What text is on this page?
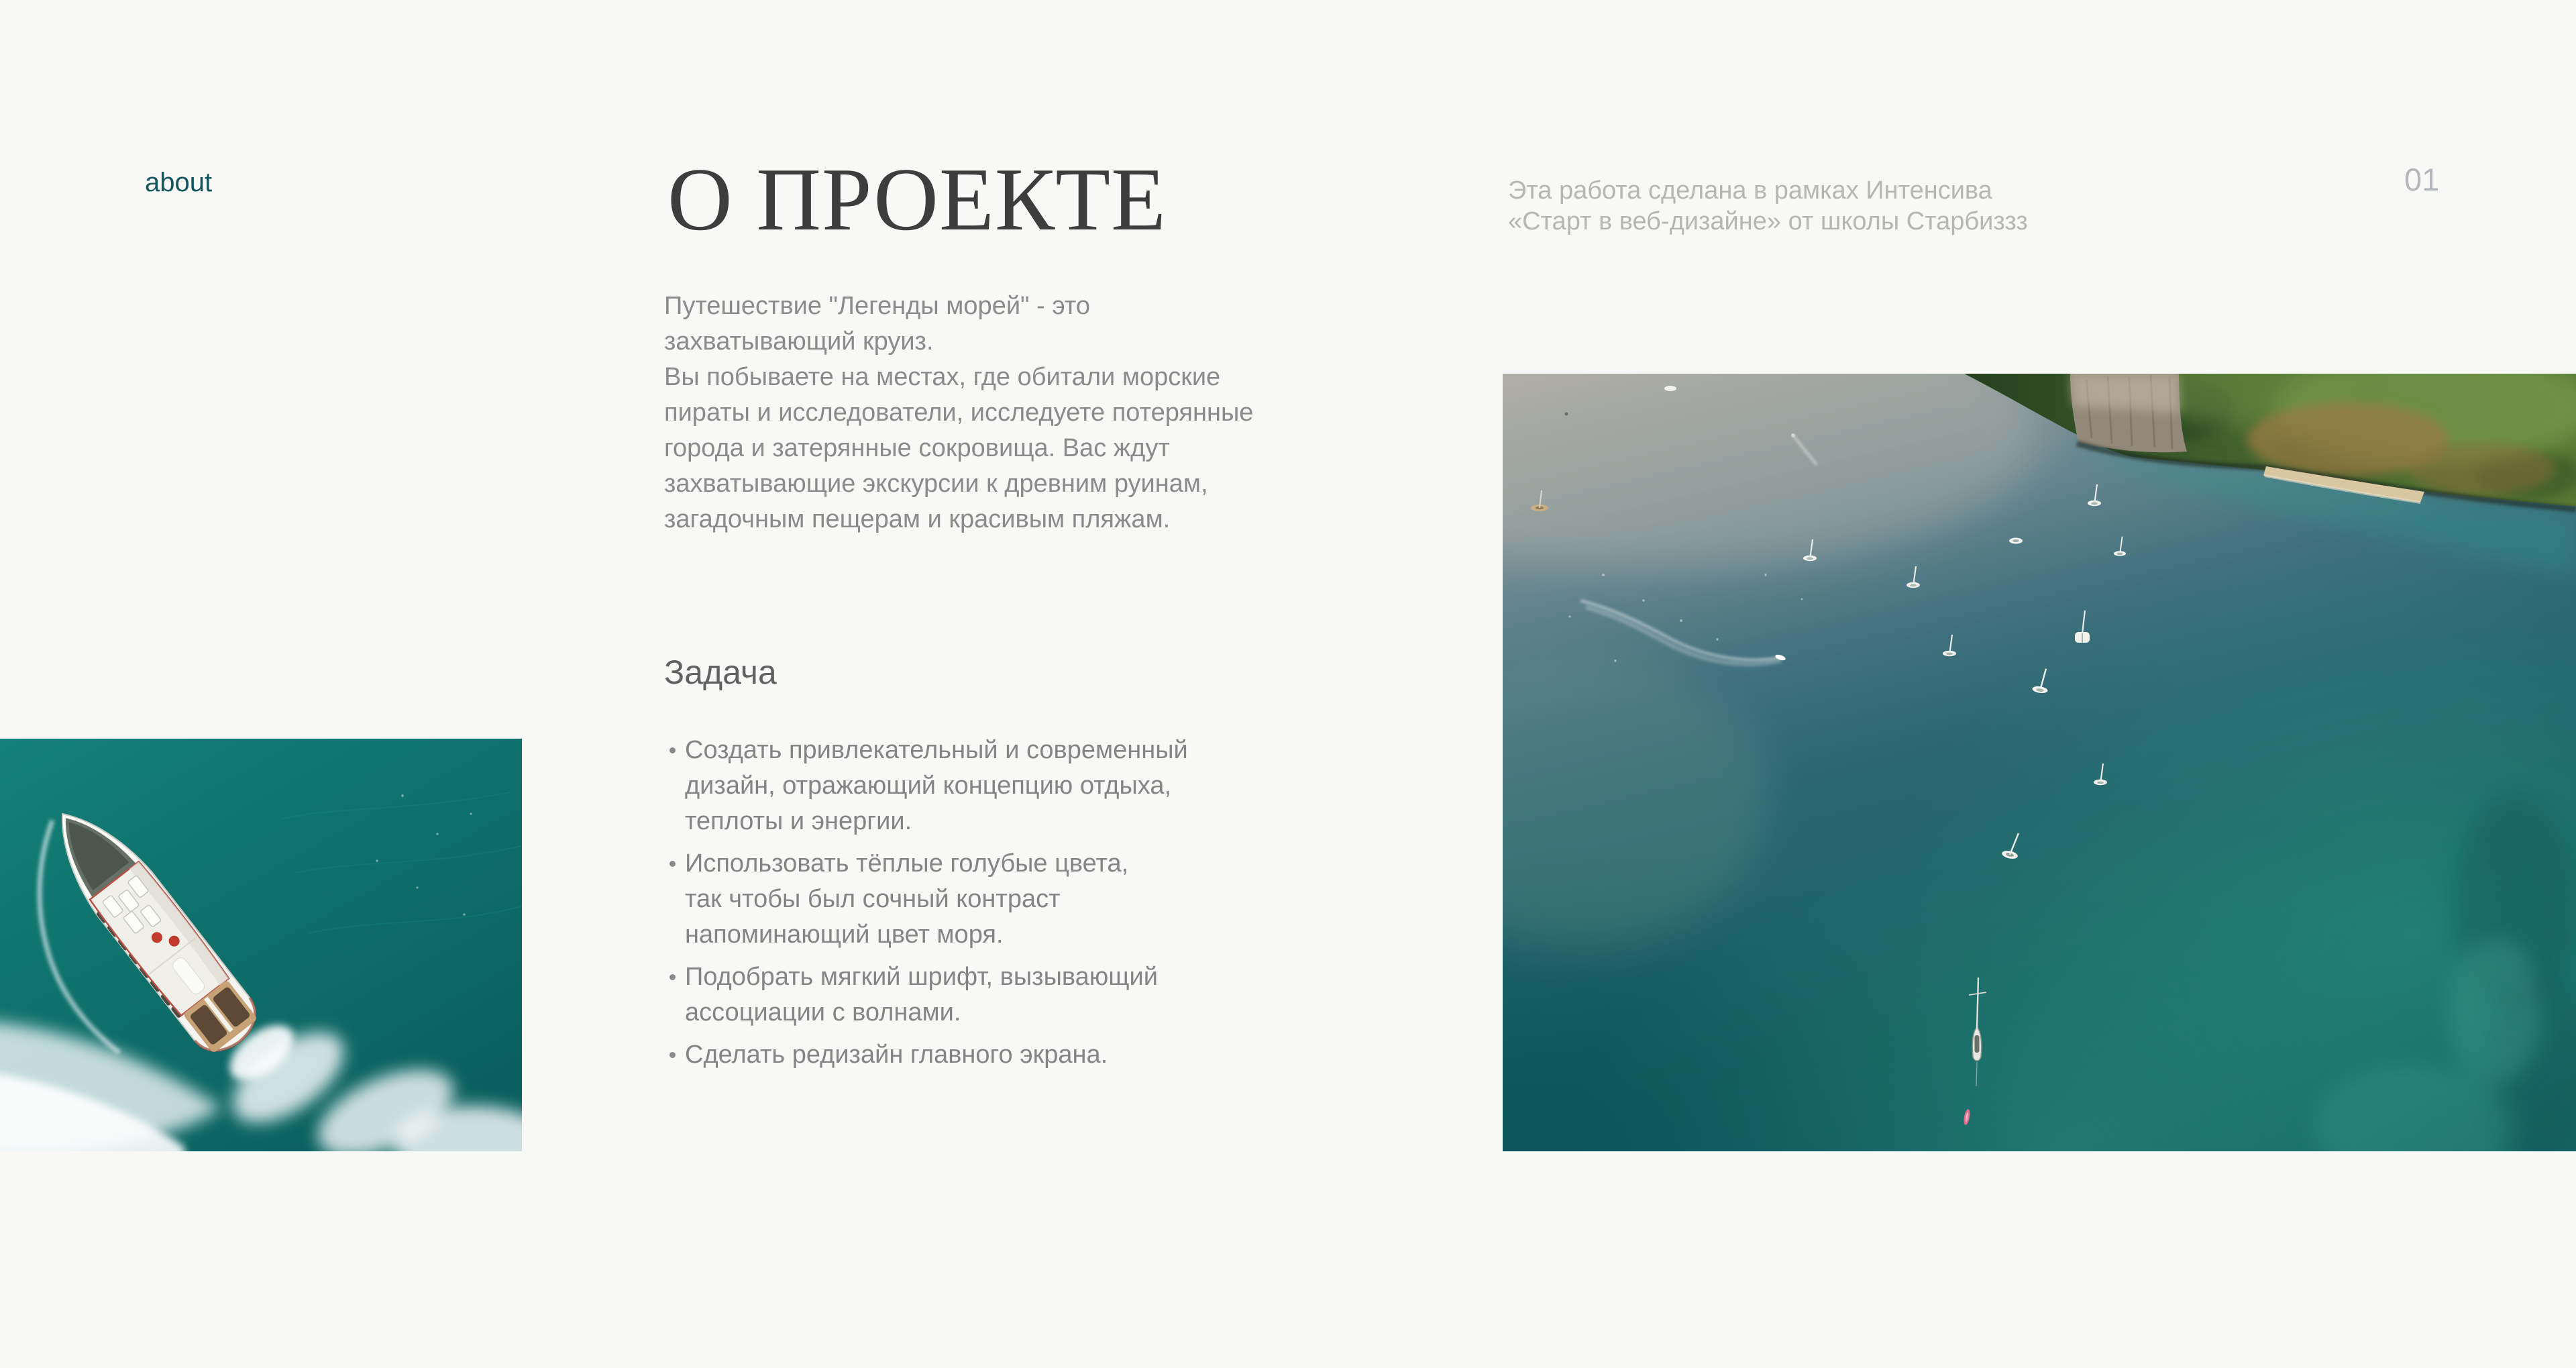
about	О ПРОЕКТЕ	Эта работа сделана в рамках Интенсива
«Старт в веб-дизайне» от школы Старбиззз
01
Путешествие "Легенды морей" - это
захватывающий круиз.
Вы побываете на местах, где обитали морские
пираты и исследователи, исследуете потерянные
города и затерянные сокровища. Вас ждут
захватывающие экскурсии к древним руинам,
загадочным пещерам и красивым пляжам.
Задача
Создать привлекательный и современный
дизайн, отражающий концепцию отдыха,
теплоты и энергии.
Использовать тёплые голубые цвета,
так чтобы был сочный контраст
напоминающий цвет моря.
Подобрать мягкий шрифт, вызывающий
ассоциации с волнами.
Сделать редизайн главного экрана.
